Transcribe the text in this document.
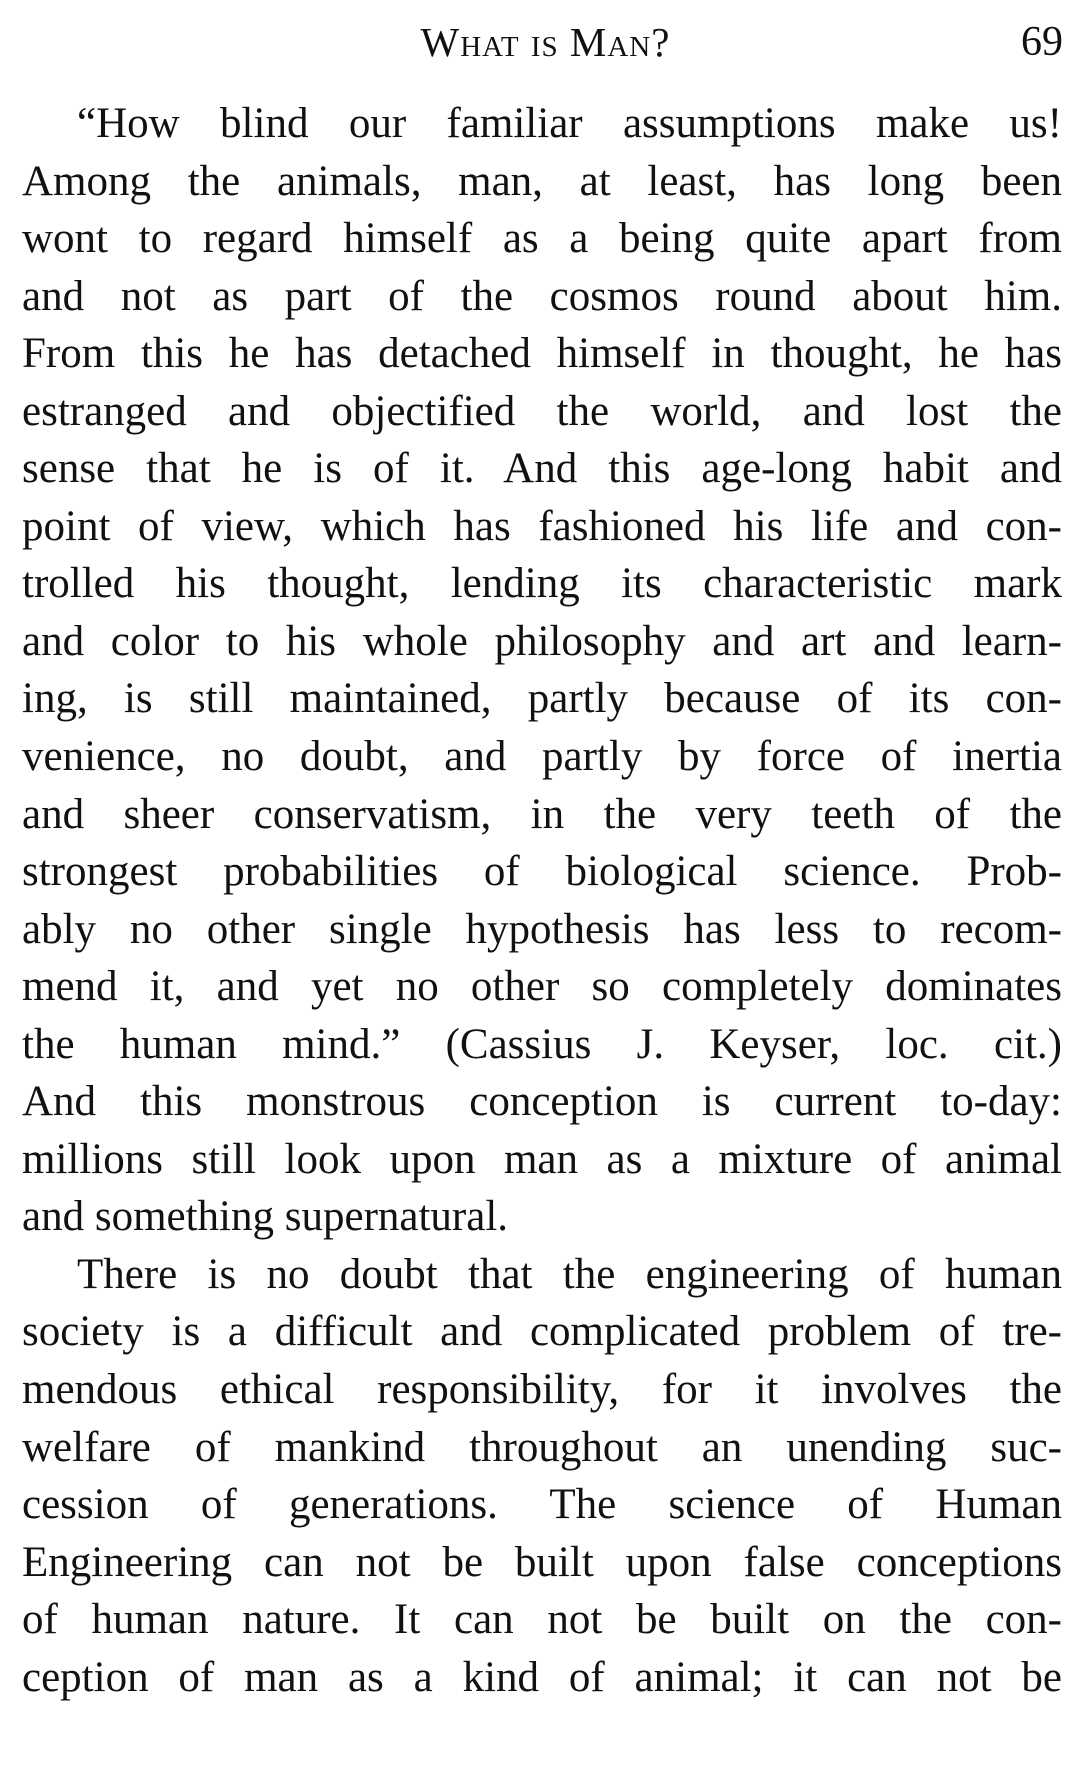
What is Man?	69
“How blind our familiar assumptions make us!
Among the animals, man, at least, has long been
wont to regard himself as a being quite apart from
and not as part of the cosmos round about him.
From this he has detached himself in thought, he has
estranged and objectified the world, and lost the
sense that he is of it. And this age-long habit and
point of view, which has fashioned his life and con-
trolled his thought, lending its characteristic mark
and color to his whole philosophy and art and learn-
ing, is still maintained, partly because of its con-
venience, no doubt, and partly by force of inertia
and sheer conservatism, in the very teeth of the
strongest probabilities of biological science. Prob-
ably no other single hypothesis has less to recom-
mend it, and yet no other so completely dominates
the human mind.” (Cassius J. Keyser, loc. cit.)
And this monstrous conception is current to-day:
millions still look upon man as a mixture of animal
and something supernatural.
There is no doubt that the engineering of human
society is a difficult and complicated problem of tre-
mendous ethical responsibility, for it involves the
welfare of mankind throughout an unending suc-
cession of generations. The science of Human
Engineering can not be built upon false conceptions
of human nature. It can not be built on the con-
ception of man as a kind of animal; it can not be
